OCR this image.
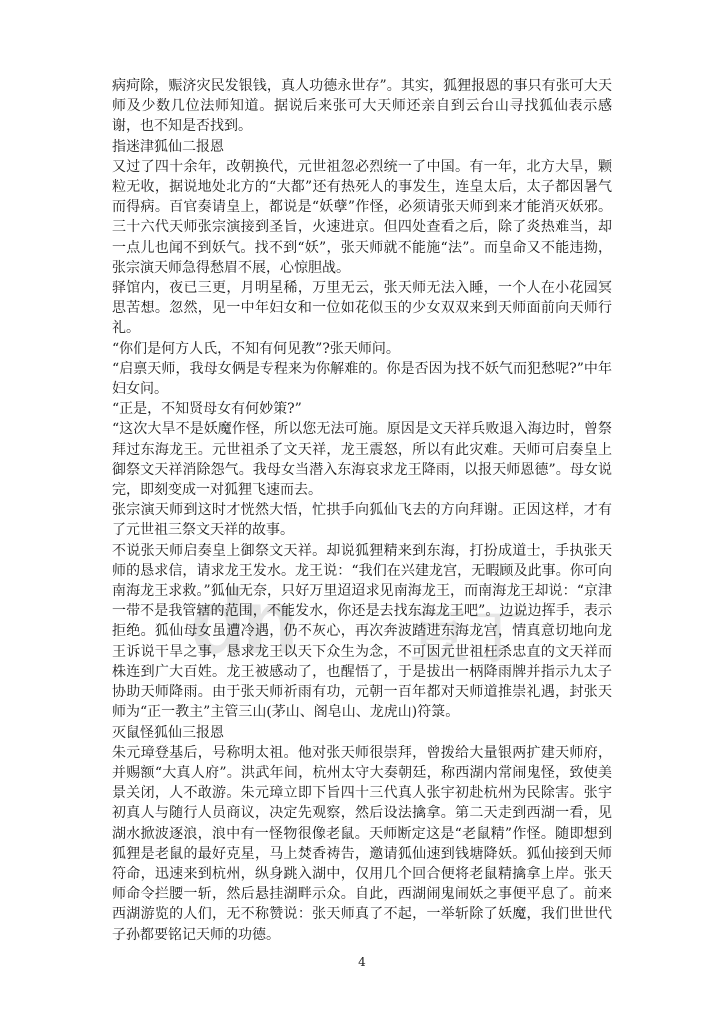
dn 豆丁

病疴除，赈济灾民发银钱，真人功德永世存”。其实，狐狸报恩的事只有张可大天师及少数几位法师知道。据说后来张可大天师还亲自到云台山寻找狐仙表示感谢，也不知是否找到。

指迷津狐仙二报恩

又过了四十余年，改朝换代，元世祖忽必烈统一了中国。有一年，北方大旱，颗粒无收，据说地处北方的“大都”还有热死人的事发生，连皇太后，太子都因暑气而得病。百官奏请皇上，都说是“妖孽”作怪，必须请张天师到来才能消灭妖邪。三十六代天师张宗演接到圣旨，火速进京。但四处查看之后，除了炎热难当，却一点儿也闻不到妖气。找不到“妖”，张天师就不能施“法”。而皇命又不能违拗，张宗演天师急得愁眉不展，心惊胆战。

驿馆内，夜已三更，月明星稀，万里无云，张天师无法入睡，一个人在小花园冥思苦想。忽然，见一中年妇女和一位如花似玉的少女双双来到天师面前向天师行礼。

“你们是何方人氏，不知有何见教”?张天师问。

“启禀天师，我母女俩是专程来为你解难的。你是否因为找不妖气而犯愁呢?”中年妇女问。

“正是，不知贤母女有何妙策?”

“这次大旱不是妖魔作怪，所以您无法可施。原因是文天祥兵败退入海边时，曾祭拜过东海龙王。元世祖杀了文天祥，龙王震怒，所以有此灾难。天师可启奏皇上御祭文天祥消除怨气。我母女当潜入东海哀求龙王降雨，以报天师恩德”。母女说完，即刻变成一对狐狸飞速而去。

张宗演天师到这时才恍然大悟，忙拱手向狐仙飞去的方向拜谢。正因这样，才有了元世祖三祭文天祥的故事。

不说张天师启奏皇上御祭文天祥。却说狐狸精来到东海，打扮成道士，手执张天师的恳求信，请求龙王发水。龙王说：“我们在兴建龙宫，无暇顾及此事。你可向南海龙王求救。”狐仙无奈，只好万里迢迢求见南海龙王，而南海龙王却说：“京津一带不是我管辖的范围，不能发水，你还是去找东海龙王吧”。边说边挥手，表示拒绝。狐仙母女虽遭冷遇，仍不灰心，再次奔波踏进东海龙宫，情真意切地向龙王诉说干旱之事，恳求龙王以天下众生为念，不可因元世祖枉杀忠直的文天祥而株连到广大百姓。龙王被感动了，也醒悟了，于是拔出一柄降雨牌并指示九太子协助天师降雨。由于张天师祈雨有功，元朝一百年都对天师道推崇礼遇，封张天师为“正一教主”主管三山(茅山、阁皂山、龙虎山)符箓。

灭鼠怪狐仙三报恩

朱元璋登基后，号称明太祖。他对张天师很崇拜，曾拨给大量银两扩建天师府，并赐额“大真人府”。洪武年间，杭州太守大奏朝廷，称西湖内常闹鬼怪，致使美景关闭，人不敢游。朱元璋立即下旨四十三代真人张宇初赴杭州为民除害。张宇初真人与随行人员商议，决定先观察，然后设法擒拿。第二天走到西湖一看，见湖水掀波逐浪，浪中有一怪物很像老鼠。天师断定这是“老鼠精”作怪。随即想到狐狸是老鼠的最好克星，马上焚香祷告，邀请狐仙速到钱塘降妖。狐仙接到天师符命，迅速来到杭州，纵身跳入湖中，仅用几个回合便将老鼠精擒拿上岸。张天师命令拦腰一斩，然后悬挂湖畔示众。自此，西湖闹鬼闹妖之事便平息了。前来西湖游览的人们，无不称赞说：张天师真了不起，一举斩除了妖魔，我们世世代子孙都要铭记天师的功德。

4
